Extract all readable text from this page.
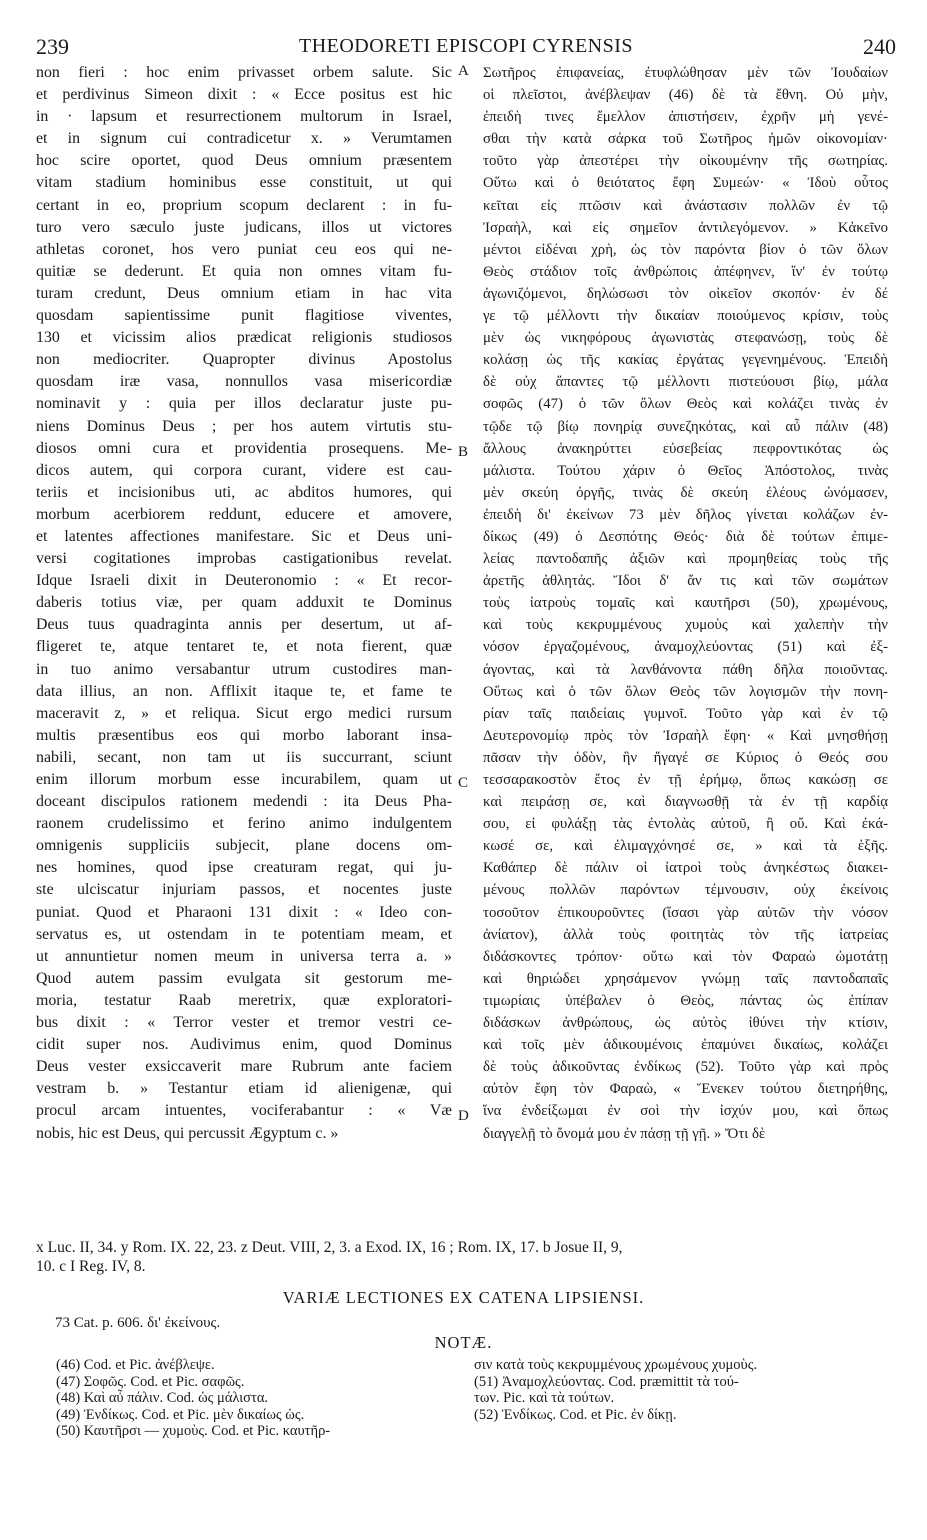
239	THEODORETI EPISCOPI CYRENSIS	240
non fieri : hoc enim privasset orbem salute. Sic
et perdivinus Simeon dixit : « Ecce positus est hic
in · lapsum et resurrectionem multorum in Israel,
et in signum cui contradicetur x. » Verumtamen
hoc scire oportet, quod Deus omnium præsentem
vitam stadium hominibus esse constituit, ut qui
certant in eo, proprium scopum declarent : in fu-
turo vero sæculo juste judicans, illos ut victores
athletas coronet, hos vero puniat ceu eos qui ne-
quitiæ se dederunt. Et quia non omnes vitam fu-
turam credunt, Deus omnium etiam in hac vita
quosdam sapientissime punit flagitiose viventes,
130 et vicissim alios prædicat religionis studiosos
non mediocriter. Quapropter divinus Apostolus
quosdam iræ vasa, nonnullos vasa misericordiæ
nominavit y : quia per illos declaratur juste pu-
niens Dominus Deus ; per hos autem virtutis stu-
diosos omni cura et providentia prosequens. Me-
dicos autem, qui corpora curant, videre est cau-
teriis et incisionibus uti, ac abditos humores, qui
morbum acerbiorem reddunt, educere et amovere,
et latentes affectiones manifestare. Sic et Deus uni-
versi cogitationes improbas castigationibus revelat.
Idque Israeli dixit in Deuteronomio : « Et recor-
daberis totius viæ, per quam adduxit te Dominus
Deus tuus quadraginta annis per desertum, ut af-
fligeret te, atque tentaret te, et nota fierent, quæ
in tuo animo versabantur utrum custodires man-
data illius, an non. Afflixit itaque te, et fame te
maceravit z, » et reliqua. Sicut ergo medici rursum
multis præsentibus eos qui morbo laborant insa-
nabili, secant, non tam ut iis succurrant, sciunt
enim illorum morbum esse incurabilem, quam ut
doceant discipulos rationem medendi : ita Deus Pha-
raonem crudelissimo et ferino animo indulgentem
omnigenis suppliciis subjecit, plane docens om-
nes homines, quod ipse creaturam regat, qui ju-
ste ulciscatur injuriam passos, et nocentes juste
puniat. Quod et Pharaoni 131 dixit : « Ideo con-
servatus es, ut ostendam in te potentiam meam, et
ut annuntietur nomen meum in universa terra a. »
Quod autem passim evulgata sit gestorum me-
moria, testatur Raab meretrix, quæ exploratori-
bus dixit : « Terror vester et tremor vestri ce-
cidit super nos. Audivimus enim, quod Dominus
Deus vester exsiccaverit mare Rubrum ante faciem
vestram b. » Testantur etiam id alienigenæ, qui
procul arcam intuentes, vociferabantur : « Væ
nobis, hic est Deus, qui percussit Ægyptum c. »
Σωτῆρος ἐπιφανείας, ἐτυφλώθησαν μὲν τῶν Ἰουδαίων
οἱ πλεῖστοι, ἀνέβλεψαν (46) δὲ τὰ ἔθνη. Οὐ μὴν,
ἐπειδὴ τινες ἔμελλον ἀπιστήσειν, ἐχρῆν μὴ γενέ-
σθαι τὴν κατὰ σάρκα τοῦ Σωτῆρος ἡμῶν οἰκονομίαν·
τοῦτο γὰρ ἀπεστέρει τὴν οἰκουμένην τῆς σωτηρίας.
Οὕτω καὶ ὁ θειότατος ἔφη Συμεών· « Ἰδοὺ οὗτος
κεῖται εἰς πτῶσιν καὶ ἀνάστασιν πολλῶν ἐν τῷ
Ἰσραὴλ, καὶ εἰς σημεῖον ἀντιλεγόμενον. » Κἀκεῖνο
μέντοι εἰδέναι χρὴ, ὡς τὸν παρόντα βίον ὁ τῶν ὅλων
Θεὸς στάδιον τοῖς ἀνθρώποις ἀπέφηνεν, ἵν' ἐν τούτῳ
ἀγωνιζόμενοι, δηλώσωσι τὸν οἰκεῖον σκοπόν· ἐν δέ
γε τῷ μέλλοντι τὴν δικαίαν ποιούμενος κρίσιν, τοὺς
μὲν ὡς νικηφόρους ἀγωνιστὰς στεφανώσῃ, τοὺς δὲ
κολάσῃ ὡς τῆς κακίας ἐργάτας γεγενημένους. Ἐπειδὴ
δὲ οὐχ ἅπαντες τῷ μέλλοντι πιστεύουσι βίῳ, μάλα
σοφῶς (47) ὁ τῶν ὅλων Θεὸς καὶ κολάζει τινὰς ἐν
τῷδε τῷ βίῳ πονηρίᾳ συνεζηκότας, καὶ αὖ πάλιν (48)
ἄλλους ἀνακηρύττει εὐσεβείας πεφροντικότας ὡς
μάλιστα. Τούτου χάριν ὁ Θεῖος Ἀπόστολος, τινὰς
μὲν σκεύη ὀργῆς, τινὰς δὲ σκεύη ἐλέους ὠνόμασεν,
ἐπειδὴ δι' ἐκείνων 73 μὲν δῆλος γίνεται κολάζων ἐν-
δίκως (49) ὁ Δεσπότης Θεός· διὰ δὲ τούτων ἐπιμε-
λείας παντοδαπῆς ἀξιῶν καὶ προμηθείας τοὺς τῆς
ἀρετῆς ἀθλητάς. Ἴδοι δ' ἄν τις καὶ τῶν σωμάτων
τοὺς ἰατροὺς τομαῖς καὶ καυτῆρσι (50), χρωμένους,
καὶ τοὺς κεκρυμμένους χυμοὺς καὶ χαλεπὴν τὴν
νόσον ἐργαζομένους, ἀναμοχλεύοντας (51) καὶ ἐξ-
άγοντας, καὶ τὰ λανθάνοντα πάθη δῆλα ποιοῦντας.
Οὕτως καὶ ὁ τῶν ὅλων Θεὸς τῶν λογισμῶν τὴν πονη-
ρίαν ταῖς παιδείαις γυμνοῖ. Τοῦτο γὰρ καὶ ἐν τῷ
Δευτερονομίῳ πρὸς τὸν Ἰσραὴλ ἔφη· « Καὶ μνησθήσῃ
πᾶσαν τὴν ὁδὸν, ἣν ἤγαγέ σε Κύριος ὁ Θεός σου
τεσσαρακοστὸν ἔτος ἐν τῇ ἐρήμῳ, ὅπως κακώσῃ σε
καὶ πειράσῃ σε, καὶ διαγνωσθῇ τὰ ἐν τῇ καρδίᾳ
σου, εἰ φυλάξῃ τὰς ἐντολὰς αὐτοῦ, ἢ οὔ. Καὶ ἐκά-
κωσέ σε, καὶ ἐλιμαγχόνησέ σε, » καὶ τὰ ἑξῆς.
Καθάπερ δὲ πάλιν οἱ ἰατροὶ τοὺς ἀνηκέστως διακει-
μένους πολλῶν παρόντων τέμνουσιν, οὐχ ἐκείνοις
τοσοῦτον ἐπικουροῦντες (ἴσασι γὰρ αὐτῶν τὴν νόσον
ἀνίατον), ἀλλὰ τοὺς φοιτητὰς τὸν τῆς ἰατρείας
διδάσκοντες τρόπον· οὕτω καὶ τὸν Φαραὼ ὠμοτάτῃ
καὶ θηριώδει χρησάμενον γνώμῃ ταῖς παντοδαπαῖς
τιμωρίαις ὑπέβαλεν ὁ Θεὸς, πάντας ὡς ἐπίπαν
διδάσκων ἀνθρώπους, ὡς αὐτὸς ἰθύνει τὴν κτίσιν,
καὶ τοῖς μὲν ἀδικουμένοις ἐπαμύνει δικαίως, κολάζει
δὲ τοὺς ἀδικοῦντας ἐνδίκως (52). Τοῦτο γὰρ καὶ πρὸς
αὐτὸν ἔφη τὸν Φαραὼ, « Ἕνεκεν τούτου διετηρήθης,
ἵνα ἐνδείξωμαι ἐν σοὶ τὴν ἰσχύν μου, καὶ ὅπως
διαγγελῇ τὸ ὄνομά μου ἐν πάσῃ τῇ γῇ. » Ὅτι δὲ
A
B
C
D
x Luc. II, 34. y Rom. IX. 22, 23. z Deut. VIII, 2, 3. a Exod. IX, 16 ; Rom. IX, 17. b Josue II, 9,
10. c I Reg. IV, 8.
VARIÆ LECTIONES EX CATENA LIPSIENSI.
73 Cat. p. 606. δι' ἐκείνους.
NOTÆ.
(46) Cod. et Pic. ἀνέβλεψε.
(47) Σοφῶς. Cod. et Pic. σαφῶς.
(48) Καὶ αὖ πάλιν. Cod. ὡς μάλιστα.
(49) Ἐνδίκως. Cod. et Pic. μὲν δικαίως ὡς.
(50) Καυτῆρσι — χυμοὺς. Cod. et Pic. καυτῆρ-
σιν κατὰ τοὺς κεκρυμμένους χρωμένους χυμοὺς.
(51) Ἀναμοχλεύοντας. Cod. præmittit τὰ τού-
των. Pic. καὶ τὰ τούτων.
(52) Ἐνδίκως. Cod. et Pic. ἐν δίκῃ.
